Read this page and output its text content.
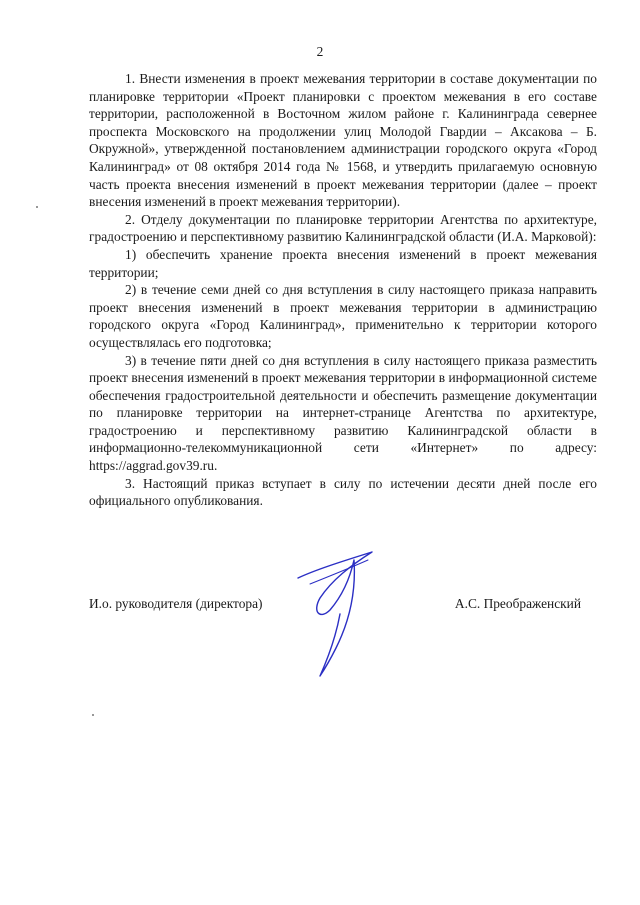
2

1. Внести изменения в проект межевания территории в составе документации по планировке территории «Проект планировки с проектом межевания в его составе территории, расположенной в Восточном жилом районе г. Калининграда севернее проспекта Московского на продолжении улиц Молодой Гвардии – Аксакова – Б. Окружной», утвержденной постановлением администрации городского округа «Город Калининград» от 08 октября 2014 года № 1568, и утвердить прилагаемую основную часть проекта внесения изменений в проект межевания территории (далее – проект внесения изменений в проект межевания территории).

2. Отделу документации по планировке территории Агентства по архитектуре, градостроению и перспективному развитию Калининградской области (И.А. Марковой):

1) обеспечить хранение проекта внесения изменений в проект межевания территории;

2) в течение семи дней со дня вступления в силу настоящего приказа направить проект внесения изменений в проект межевания территории в администрацию городского округа «Город Калининград», применительно к территории которого осуществлялась его подготовка;

3) в течение пяти дней со дня вступления в силу настоящего приказа разместить проект внесения изменений в проект межевания территории в информационной системе обеспечения градостроительной деятельности и обеспечить размещение документации по планировке территории на интернет-странице Агентства по архитектуре, градостроению и перспективному развитию Калининградской области в информационно-телекоммуникационной сети «Интернет» по адресу: https://aggrad.gov39.ru.

3. Настоящий приказ вступает в силу по истечении десяти дней после его официального опубликования.

И.о. руководителя (директора)	А.С. Преображенский
